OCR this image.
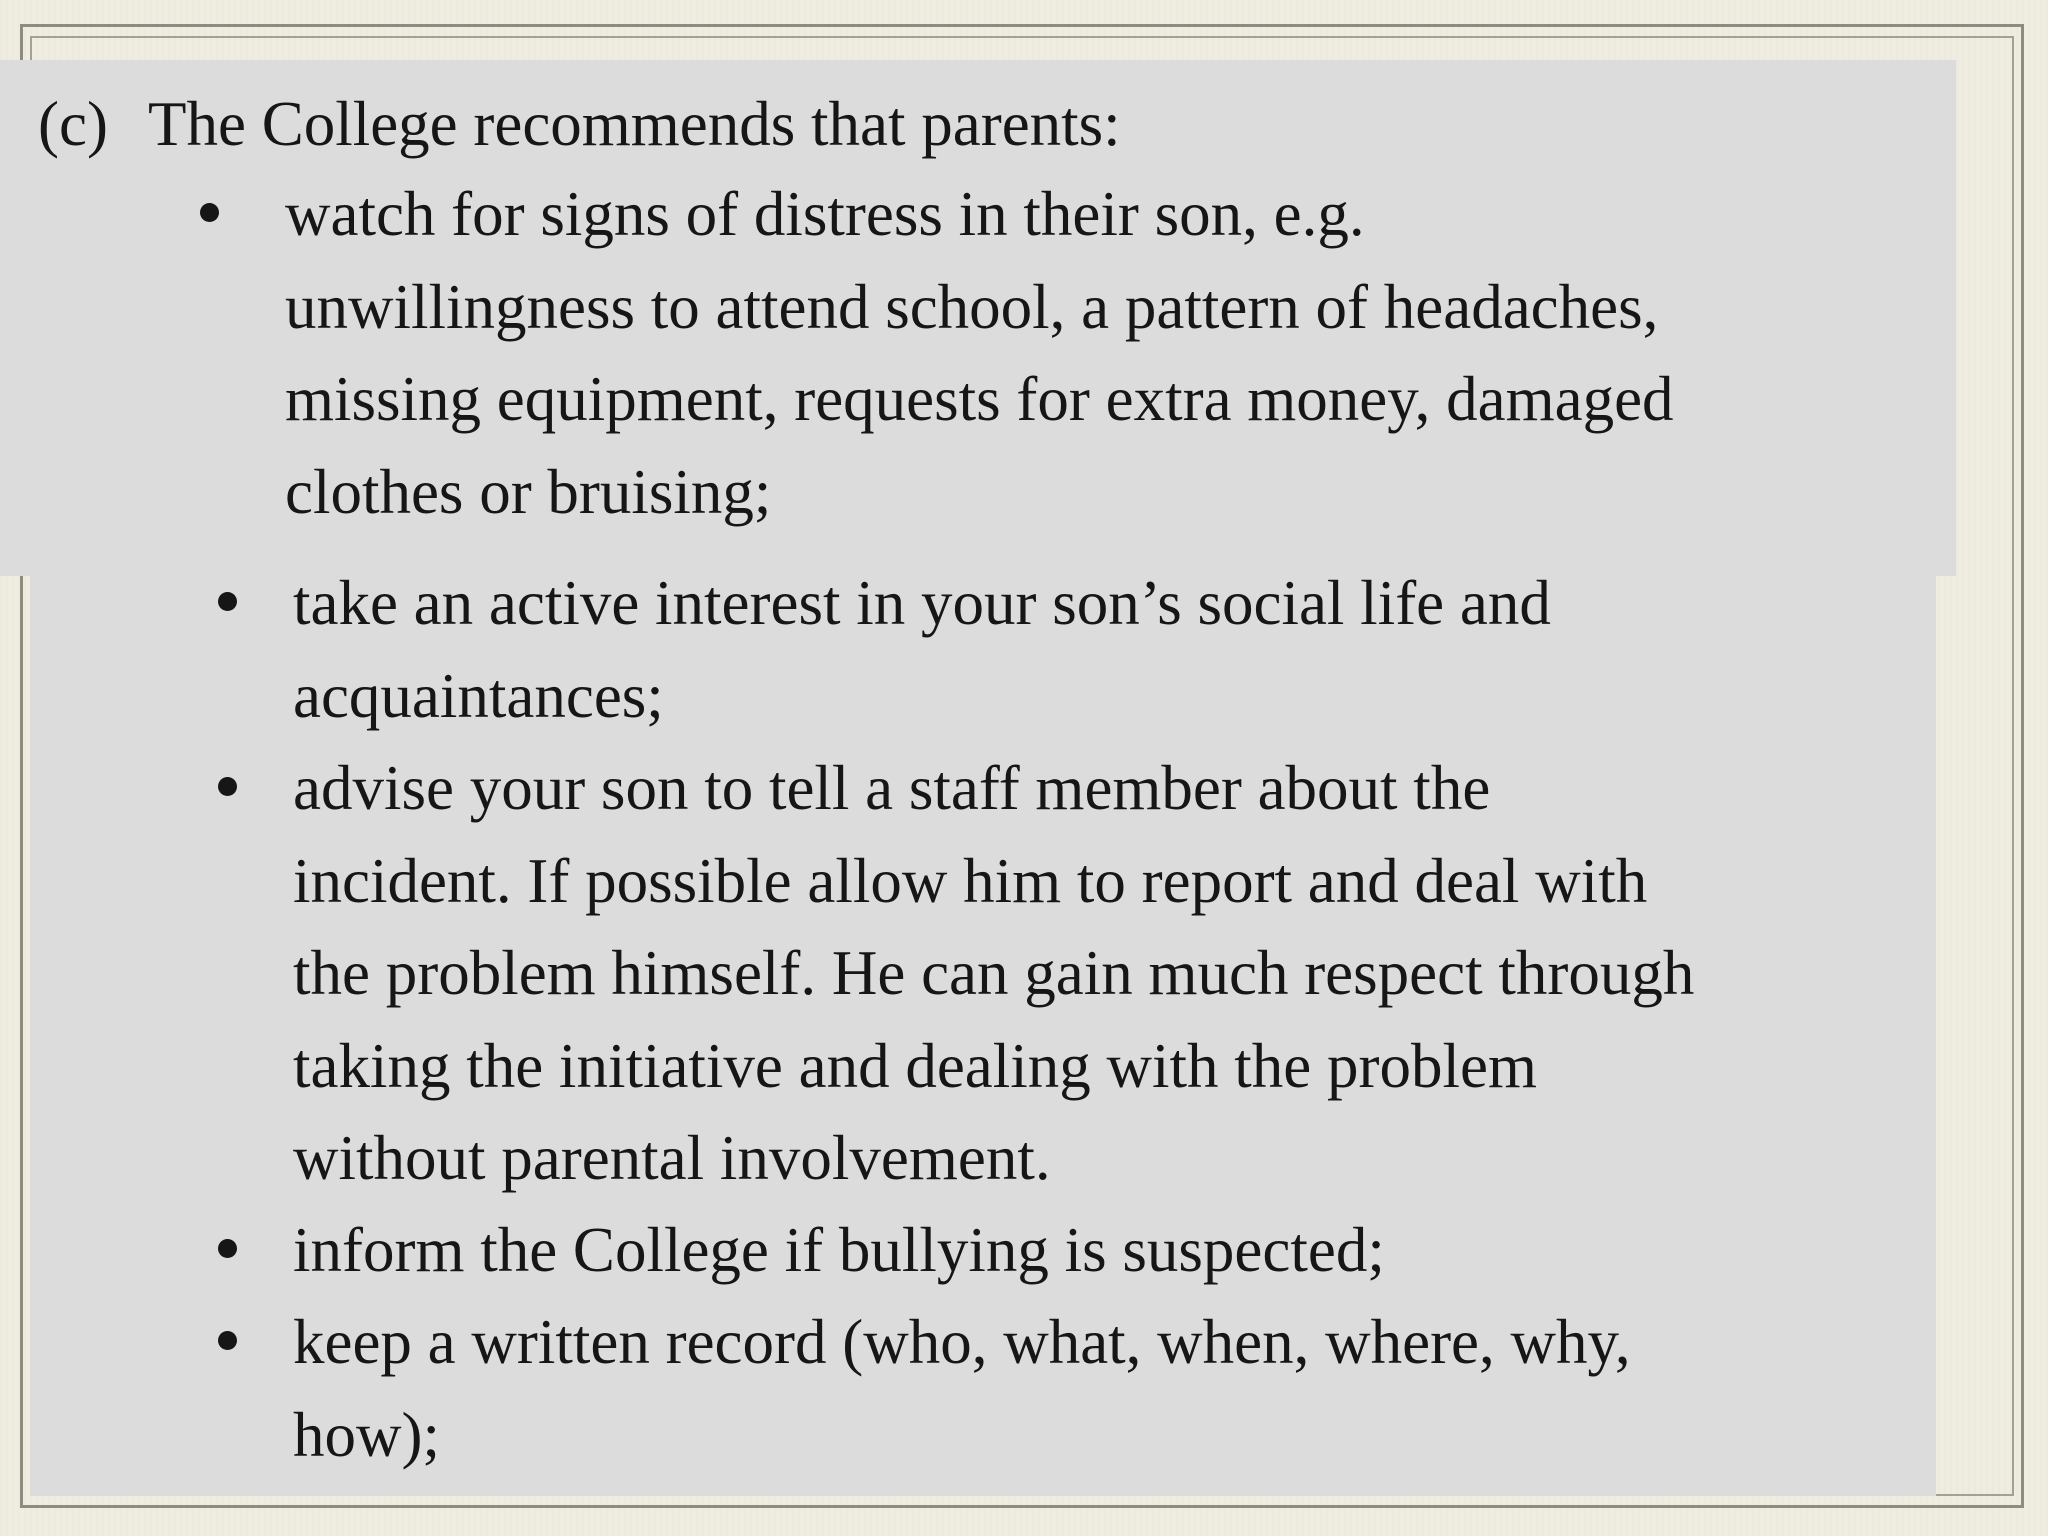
(c) The College recommends that parents:

watch for signs of distress in their son, e.g.
unwillingness to attend school, a pattern of headaches,
missing equipment, requests for extra money, damaged
clothes or bruising;

take an active interest in your son’s social life and
acquaintances;

advise your son to tell a staff member about the
incident. If possible allow him to report and deal with
the problem himself. He can gain much respect through
taking the initiative and dealing with the problem
without parental involvement.

inform the College if bullying is suspected;

keep a written record (who, what, when, where, why,
how);
